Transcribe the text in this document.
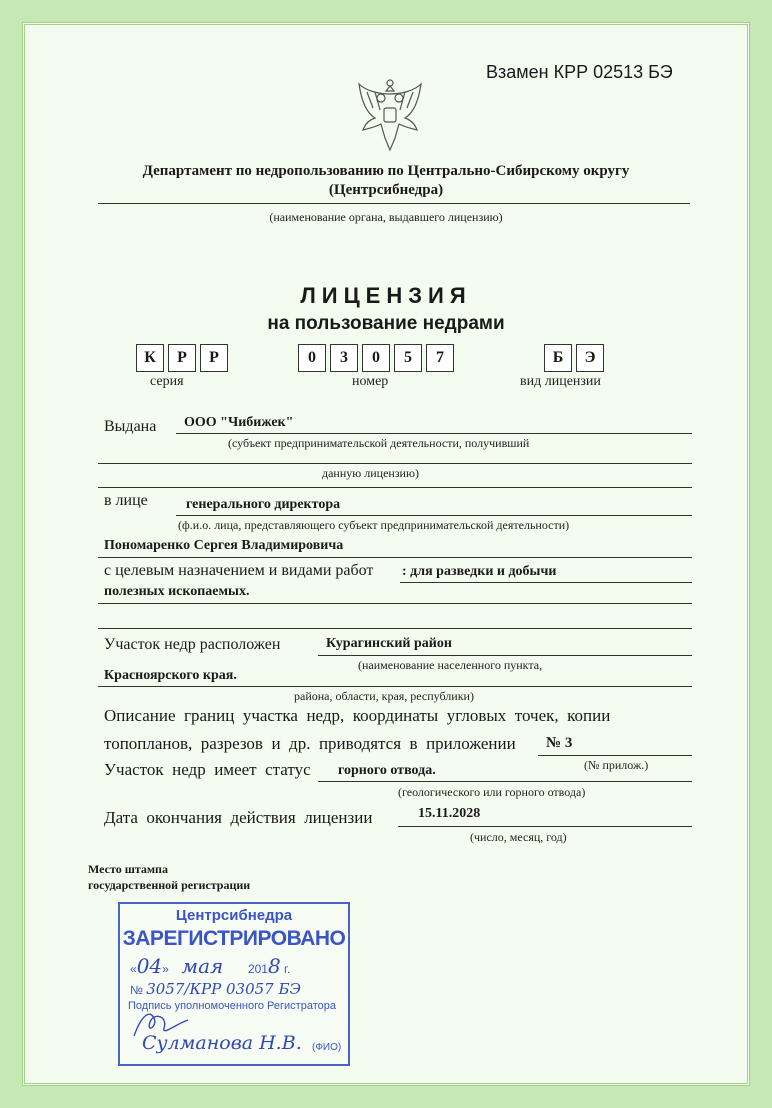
Взамен КРР 02513 БЭ
Департамент по недропользованию по Центрально-Сибирскому округу
(Центрсибнедра)
(наименование органа, выдавшего лицензию)
ЛИЦЕНЗИЯ
на пользование недрами
К	Р	Р
серия
0	3	0	5	7
номер
Б	Э
вид лицензии
Выдана ООО "Чибижек"
(субъект предпринимательской деятельности, получивший
данную лицензию)
в лице	генерального директора
(ф.и.о. лица, представляющего субъект предпринимательской деятельности)
Пономаренко Сергея Владимировича
с целевым назначением и видами работ : для разведки и добычи
полезных ископаемых.
Участок недр расположен	Курагинский район
(наименование населенного пункта,
Красноярского края.
района, области, края, республики)
Описание  границ  участка  недр,  координаты  угловых  точек,  копии
топопланов,  разрезов  и  др.  приводятся  в  приложении № 3
(№ прилож.)
Участок  недр  имеет  статус горного отвода.
(геологического или горного отвода)
Дата  окончания  действия  лицензии	15.11.2028
(число, месяц, год)
Место штампа
государственной регистрации
Центрсибнедра
ЗАРЕГИСТРИРОВАНО
«04»  мая 2018 г.
№ 3057/КРР 03057 БЭ
Подпись уполномоченного Регистратора
Сулманова Н.В. (ФИО)
